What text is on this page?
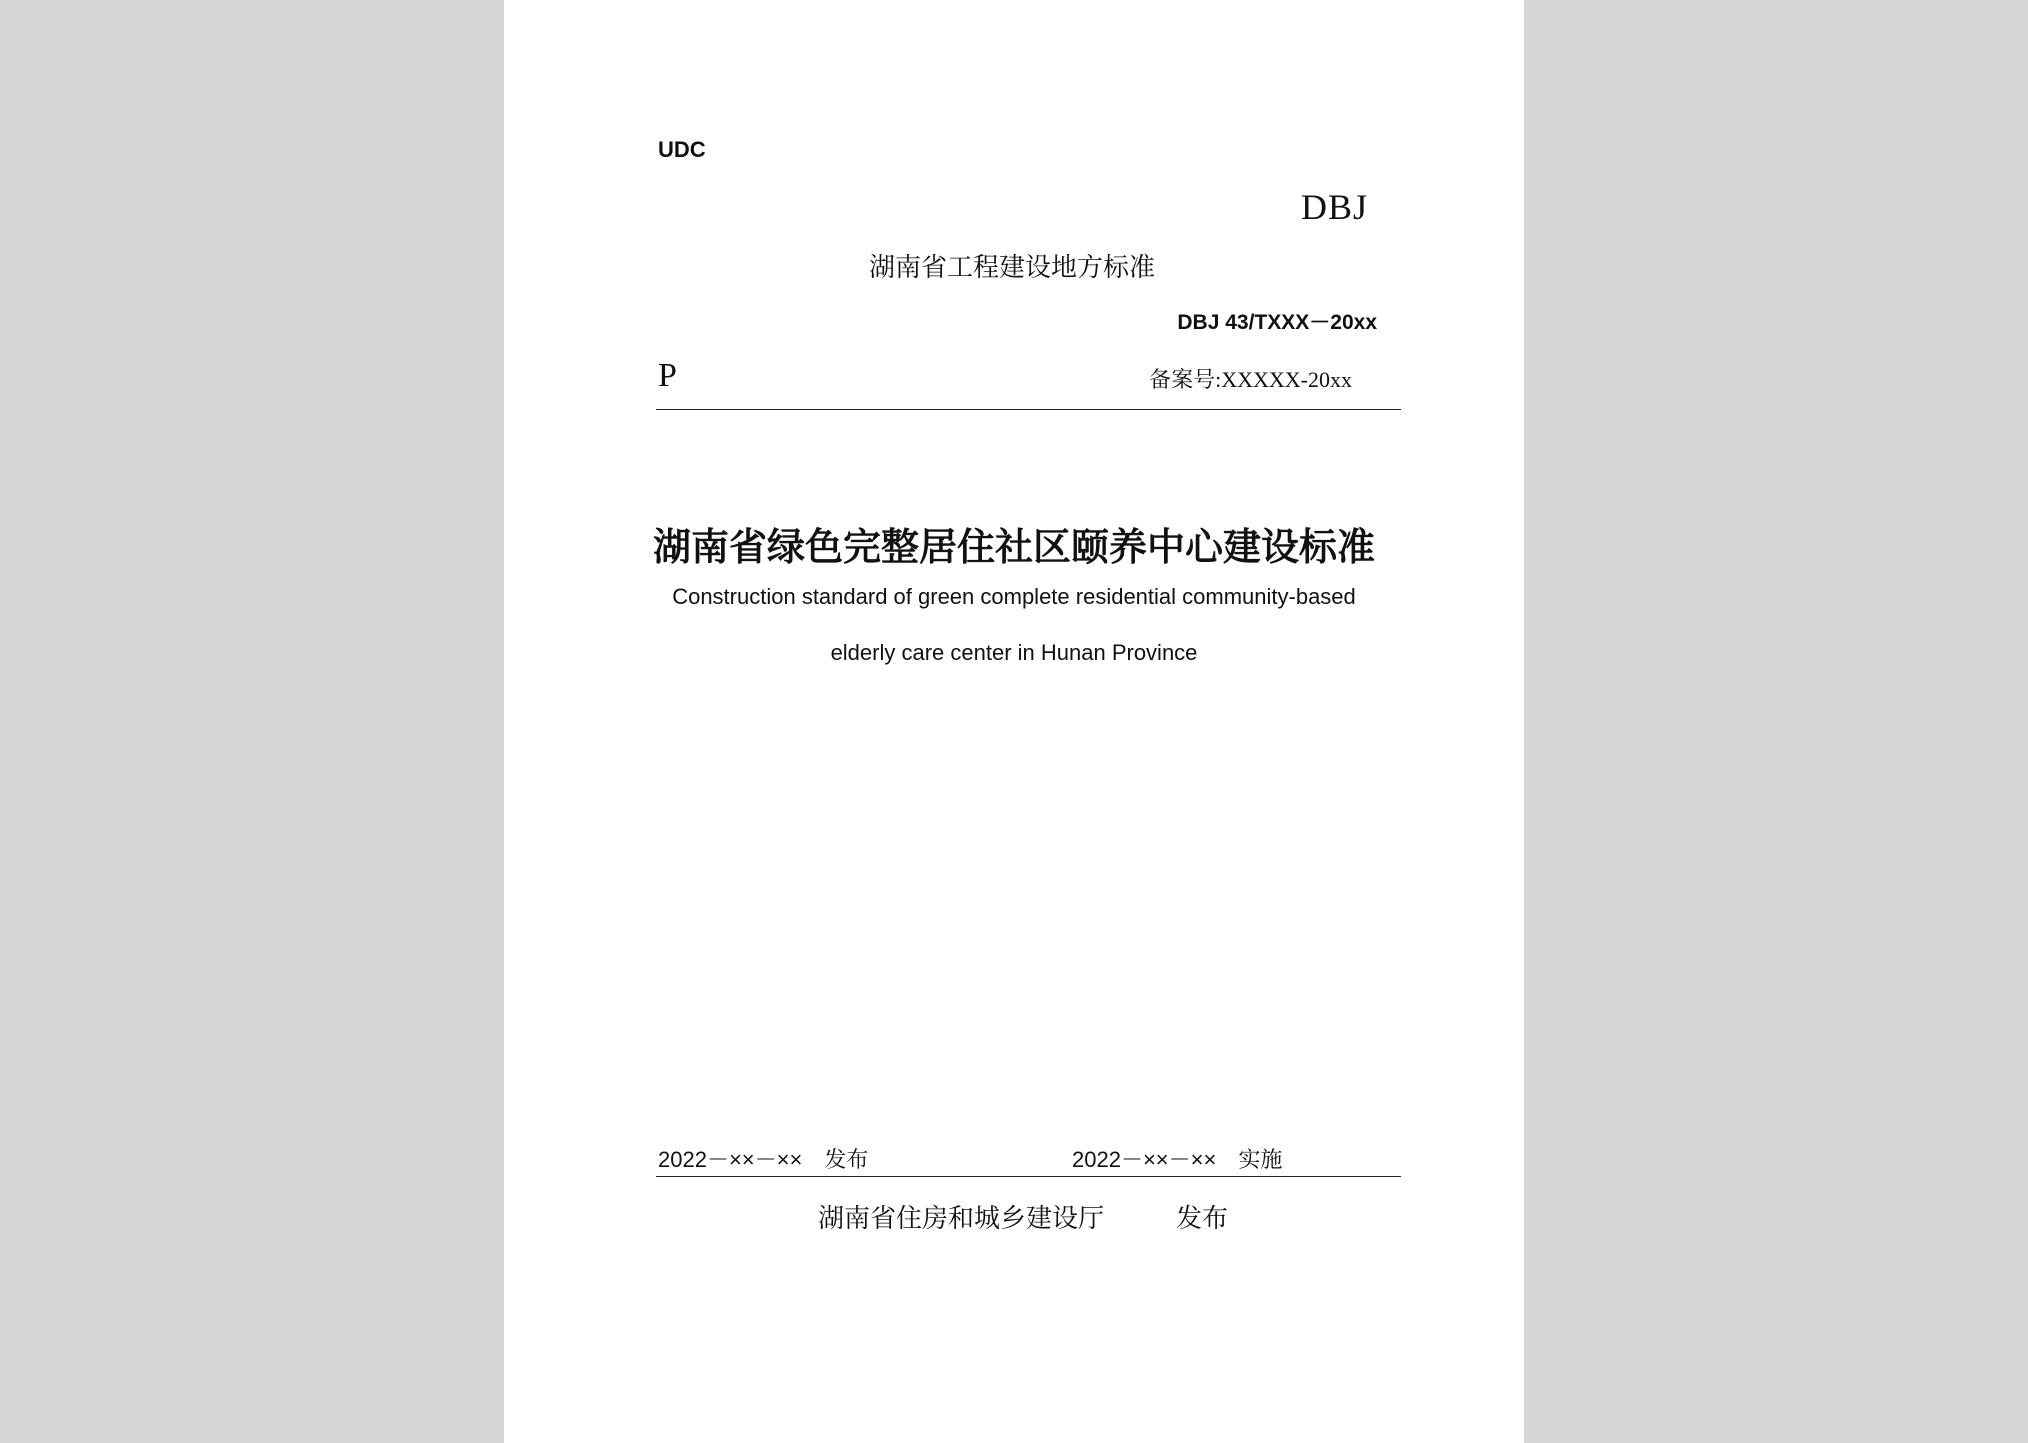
UDC
DBJ
湖南省工程建设地方标准
DBJ 43/TXXX－20xx
P	备案号:XXXXX-20xx
湖南省绿色完整居住社区颐养中心建设标准
Construction standard of green complete residential community-based
elderly care center in Hunan Province
2022－××－×× 发布	2022－××－×× 实施
湖南省住房和城乡建设厅	发布
